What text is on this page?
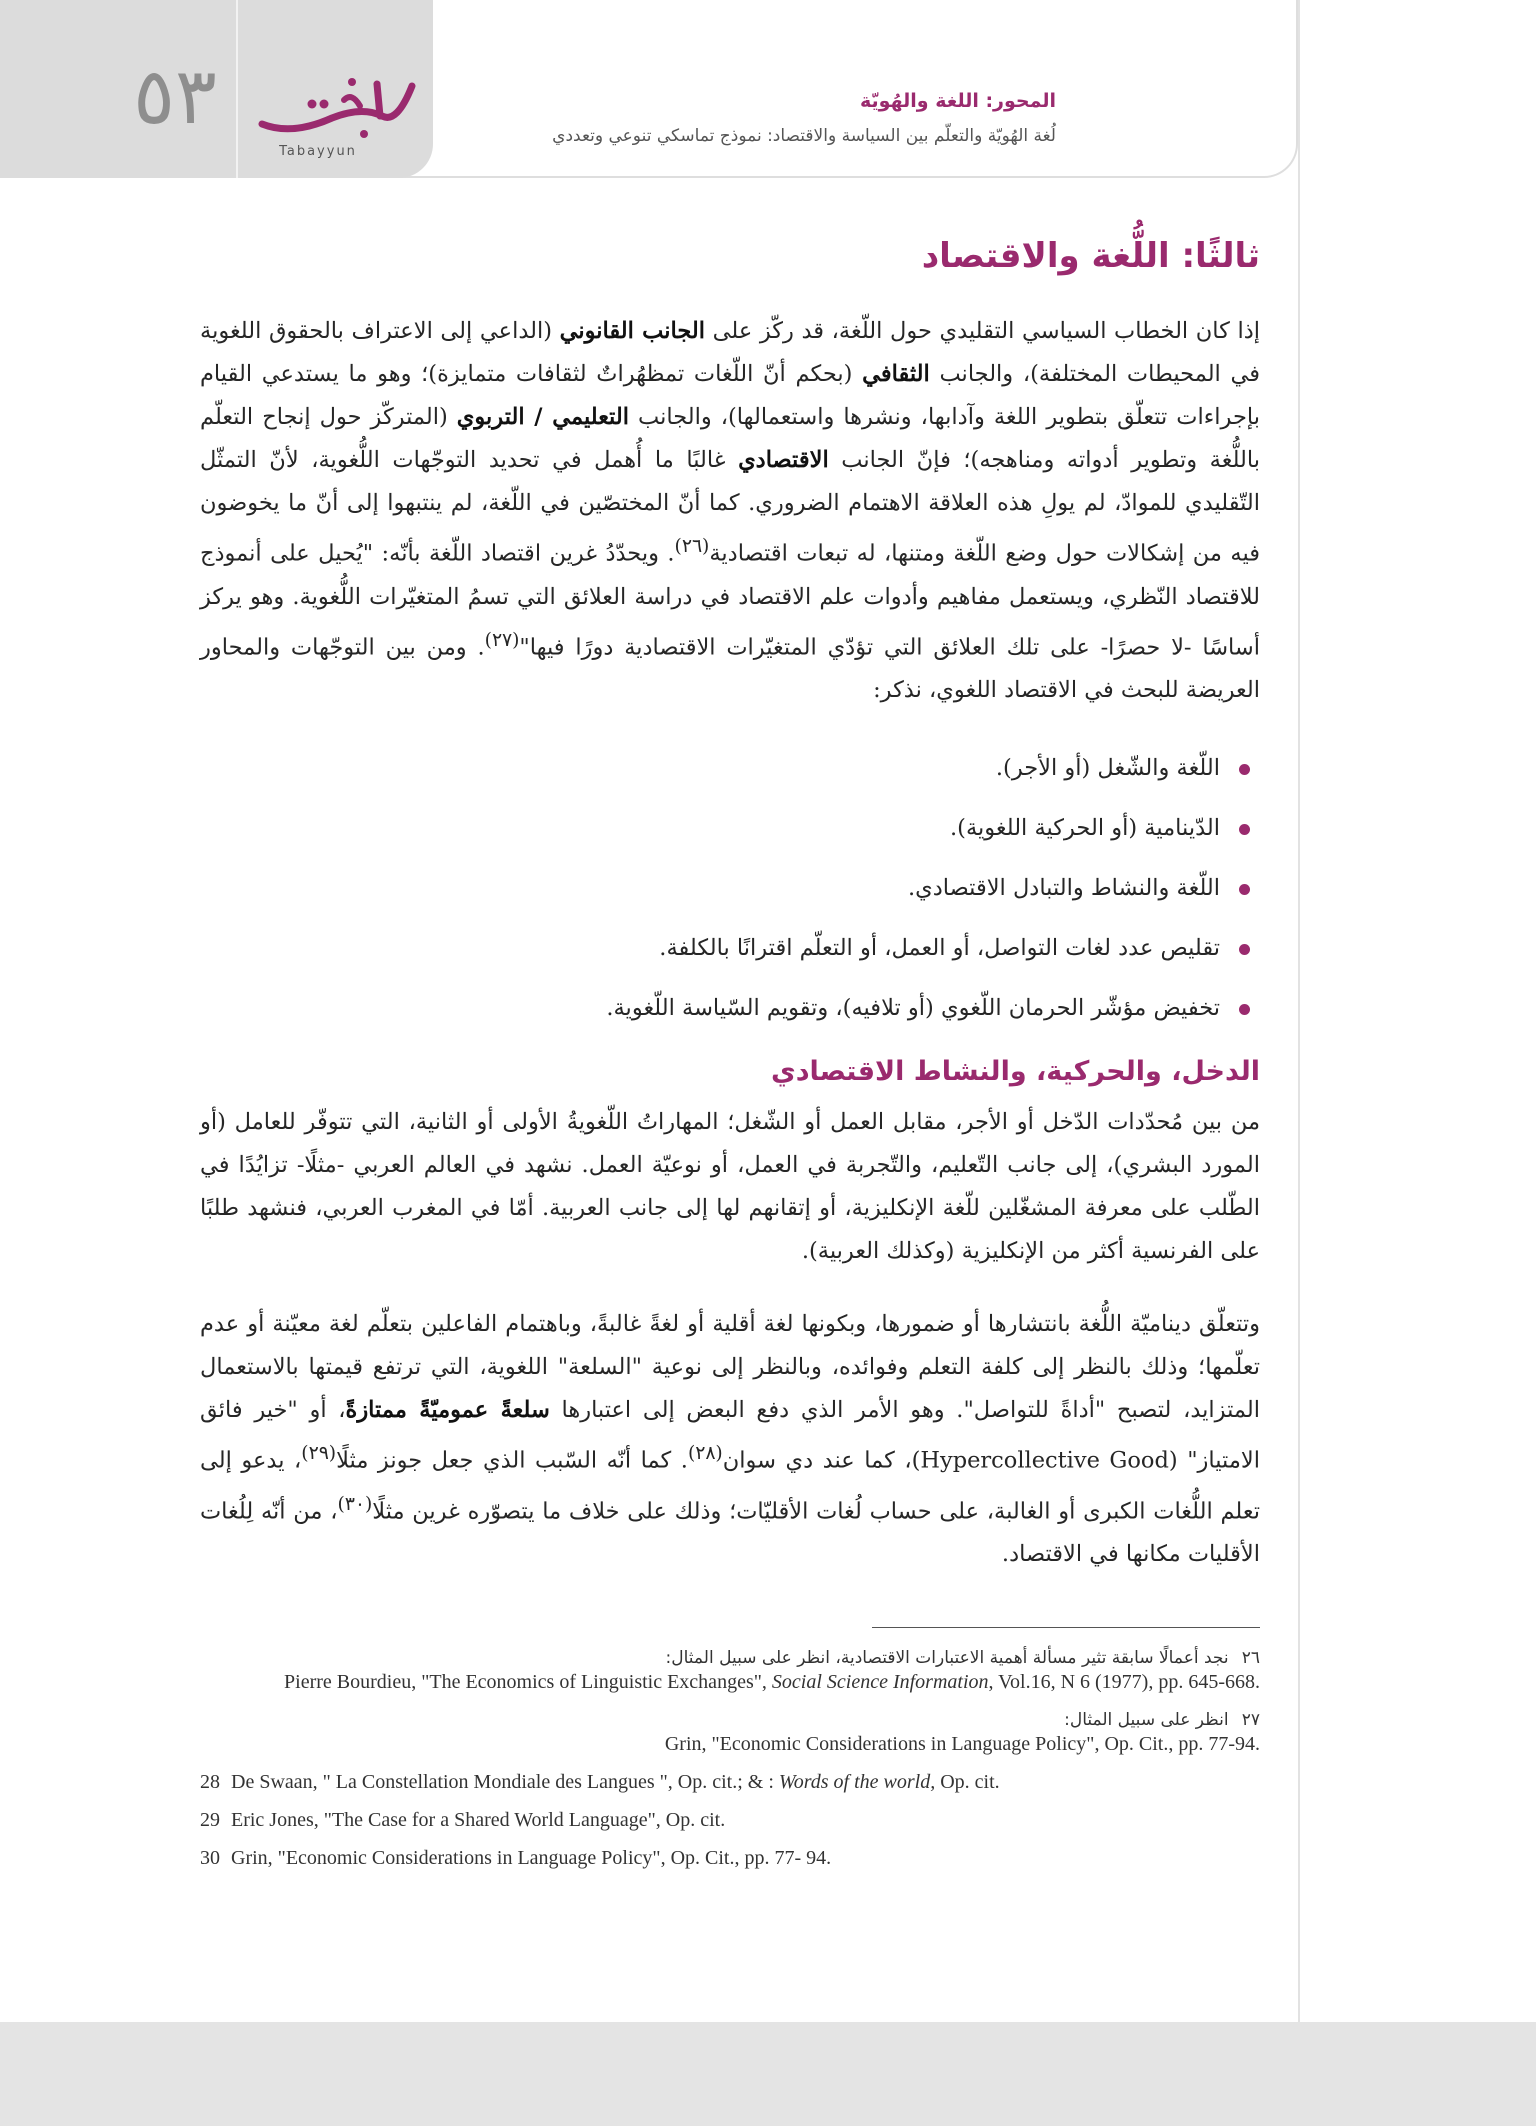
٥٣
Tabayyun
المحور: اللغة والهُويّة
لُغة الهُويّة والتعلّم بين السياسة والاقتصاد: نموذج تماسكي تنوعي وتعددي
ثالثًا: اللُّغة والاقتصاد

إذا كان الخطاب السياسي التقليدي حول اللّغة، قد ركّز على الجانب القانوني (الداعي إلى الاعتراف بالحقوق اللغوية في المحيطات المختلفة)، والجانب الثقافي (بحكم أنّ اللّغات تمظهُراتٌ لثقافات متمايزة)؛ وهو ما يستدعي القيام بإجراءات تتعلّق بتطوير اللغة وآدابها، ونشرها واستعمالها)، والجانب التعليمي / التربوي (المتركّز حول إنجاح التعلّم باللُّغة وتطوير أدواته ومناهجه)؛ فإنّ الجانب الاقتصادي غالبًا ما أُهمل في تحديد التوجّهات اللُّغوية، لأنّ التمثّل التّقليدي للموادّ، لم يولِ هذه العلاقة الاهتمام الضروري. كما أنّ المختصّين في اللّغة، لم ينتبهوا إلى أنّ ما يخوضون فيه من إشكالات حول وضع اللّغة ومتنها، له تبعات اقتصادية$^{(٢٦)}$. ويحدّدُ غرين اقتصاد اللّغة بأنّه: "يُحيل على أنموذج للاقتصاد النّظري، ويستعمل مفاهيم وأدوات علم الاقتصاد في دراسة العلائق التي تسمُ المتغيّرات اللُّغوية. وهو يركز أساسًا -لا حصرًا- على تلك العلائق التي تؤدّي المتغيّرات الاقتصادية دورًا فيها"$^{(٢٧)}$. ومن بين التوجّهات والمحاور العريضة للبحث في الاقتصاد اللغوي، نذكر:

اللّغة والشّغل (أو الأجر).
الدّينامية (أو الحركية اللغوية).
اللّغة والنشاط والتبادل الاقتصادي.
تقليص عدد لغات التواصل، أو العمل، أو التعلّم اقترانًا بالكلفة.
تخفيض مؤشّر الحرمان اللّغوي (أو تلافيه)، وتقويم السّياسة اللّغوية.
الدخل، والحركية، والنشاط الاقتصادي

من بين مُحدّدات الدّخل أو الأجر، مقابل العمل أو الشّغل؛ المهاراتُ اللّغويةُ الأولى أو الثانية، التي تتوفّر للعامل (أو المورد البشري)، إلى جانب التّعليم، والتّجربة في العمل، أو نوعيّة العمل. نشهد في العالم العربي -مثلًا- تزايُدًا في الطّلب على معرفة المشغّلين للّغة الإنكليزية، أو إتقانهم لها إلى جانب العربية. أمّا في المغرب العربي، فنشهد طلبًا على الفرنسية أكثر من الإنكليزية (وكذلك العربية).

وتتعلّق ديناميّة اللُّغة بانتشارها أو ضمورها، وبكونها لغة أقلية أو لغةً غالبةً، وباهتمام الفاعلين بتعلّم لغة معيّنة أو عدم تعلّمها؛ وذلك بالنظر إلى كلفة التعلم وفوائده، وبالنظر إلى نوعية "السلعة" اللغوية، التي ترتفع قيمتها بالاستعمال المتزايد، لتصبح "أداةً للتواصل". وهو الأمر الذي دفع البعض إلى اعتبارها سلعةً عموميّةً ممتازةً، أو "خير فائق الامتياز" (Hypercollective Good)، كما عند دي سوان$^{(٢٨)}$. كما أنّه السّبب الذي جعل جونز مثلًا$^{(٢٩)}$، يدعو إلى تعلم اللُّغات الكبرى أو الغالبة، على حساب لُغات الأقليّات؛ وذلك على خلاف ما يتصوّره غرين مثلًا$^{(٣٠)}$، من أنّه لِلُغات الأقليات مكانها في الاقتصاد.

٢٦ نجد أعمالًا سابقة تثير مسألة أهمية الاعتبارات الاقتصادية، انظر على سبيل المثال:
Pierre Bourdieu, "The Economics of Linguistic Exchanges", Social Science Information, Vol.16, N 6 (1977), pp. 645-668.
٢٧ انظر على سبيل المثال:
Grin, "Economic Considerations in Language Policy", Op. Cit., pp. 77-94.
28 De Swaan, " La Constellation Mondiale des Langues ", Op. cit.; & : Words of the world, Op. cit.
29 Eric Jones, "The Case for a Shared World Language", Op. cit.
30 Grin, "Economic Considerations in Language Policy", Op. Cit., pp. 77- 94.
